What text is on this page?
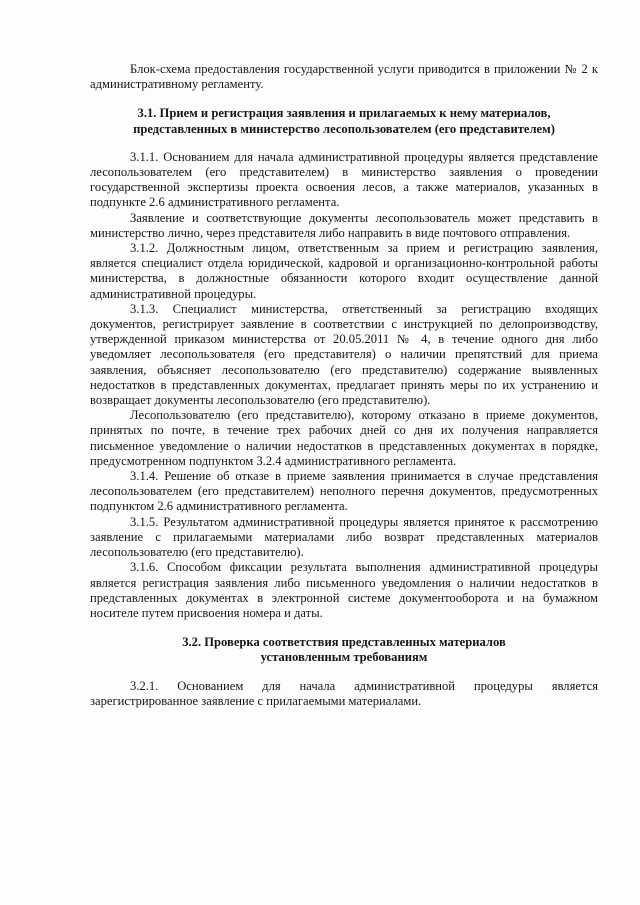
Блок-схема предоставления государственной услуги приводится в приложении № 2 к административному регламенту.

3.1. Прием и регистрация заявления и прилагаемых к нему материалов, представленных в министерство лесопользователем (его представителем)

3.1.1. Основанием для начала административной процедуры является представление лесопользователем (его представителем) в министерство заявления о проведении государственной экспертизы проекта освоения лесов, а также материалов, указанных в подпункте 2.6 административного регламента.

Заявление и соответствующие документы лесопользователь может представить в министерство лично, через представителя либо направить в виде почтового отправления.

3.1.2. Должностным лицом, ответственным за прием и регистрацию заявления, является специалист отдела юридической, кадровой и организационно-контрольной работы министерства, в должностные обязанности которого входит осуществление данной административной процедуры.

3.1.3. Специалист министерства, ответственный за регистрацию входящих документов, регистрирует заявление в соответствии с инструкцией по делопроизводству, утвержденной приказом министерства от 20.05.2011 № 4, в течение одного дня либо уведомляет лесопользователя (его представителя) о наличии препятствий для приема заявления, объясняет лесопользователю (его представителю) содержание выявленных недостатков в представленных документах, предлагает принять меры по их устранению и возвращает документы лесопользователю (его представителю).

Лесопользователю (его представителю), которому отказано в приеме документов, принятых по почте, в течение трех рабочих дней со дня их получения направляется письменное уведомление о наличии недостатков в представленных документах в порядке, предусмотренном подпунктом 3.2.4 административного регламента.

3.1.4. Решение об отказе в приеме заявления принимается в случае представления лесопользователем (его представителем) неполного перечня документов, предусмотренных подпунктом 2.6 административного регламента.

3.1.5. Результатом административной процедуры является принятое к рассмотрению заявление с прилагаемыми материалами либо возврат представленных материалов лесопользователю (его представителю).

3.1.6. Способом фиксации результата выполнения административной процедуры является регистрация заявления либо письменного уведомления о наличии недостатков в представленных документах в электронной системе документооборота и на бумажном носителе путем присвоения номера и даты.

3.2. Проверка соответствия представленных материалов

установленным требованиям

3.2.1. Основанием для начала административной процедуры является зарегистрированное заявление с прилагаемыми материалами.
